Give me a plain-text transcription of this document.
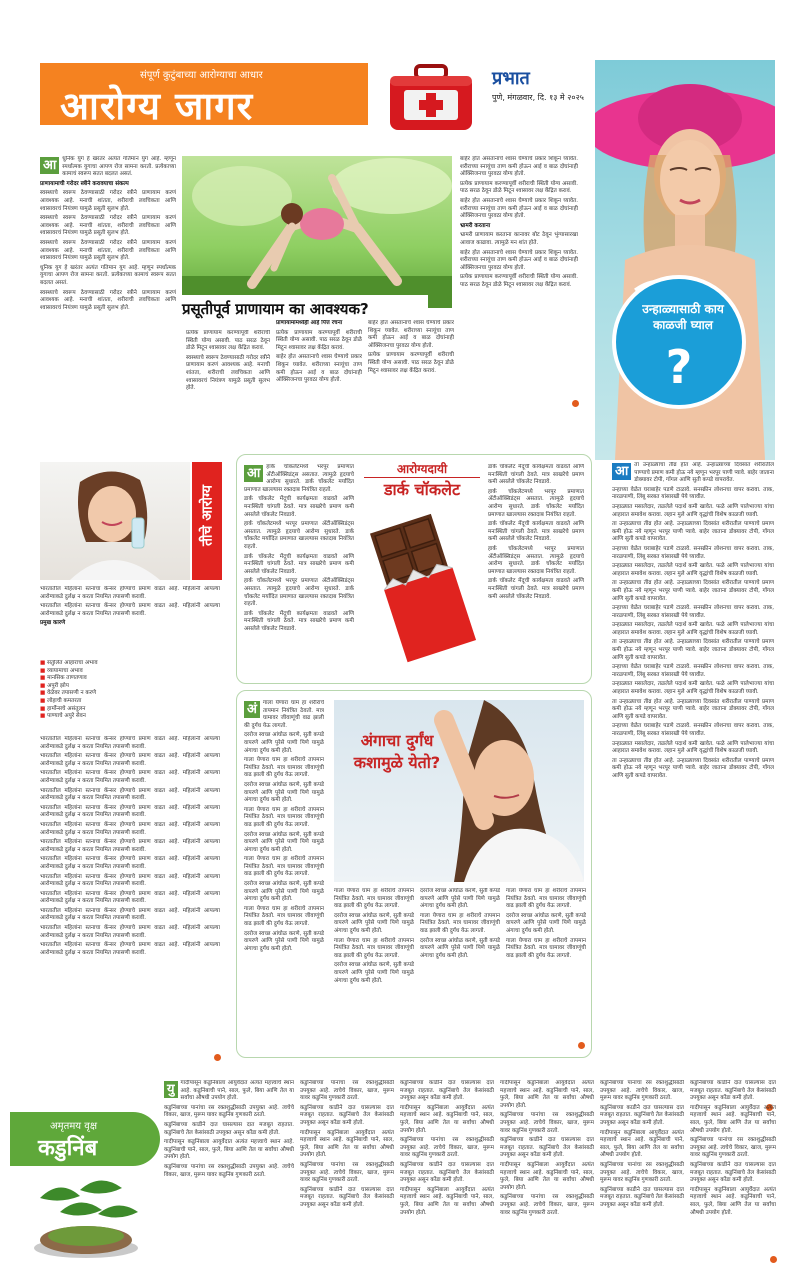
संपूर्ण कुटुंबाच्या आरोग्याचा आधार
आरोग्य जागर
प्रभात
पुणे, मंगळवार, दि. १३ मे २०२५
उन्हाळ्यासाठी काय काळजी घ्याल
?
आ	धुनिक युग हे खरंतर अत्यंत गतिमान युग आहे. म्हणून स्पर्धात्मक युगाचा आपण रोज सामना करतो. प्रत्येकाच्या कामाचं स्वरूप सतत बदलत असतं.

प्राणायामाची गरोदर स्त्रीने करावयाचा संकल्प

स्वस्थ्याचे स्वरूप ठेवण्यासाठी गरोदर स्त्रीने प्राणायाम करणं आवश्यक आहे. मनाची शांतता, शरीराची लवचिकता आणि श्वासावरचं नियंत्रण यामुळे प्रसूती सुलभ होते.

स्वस्थ्याचे स्वरूप ठेवण्यासाठी गरोदर स्त्रीने प्राणायाम करणं आवश्यक आहे. मनाची शांतता, शरीराची लवचिकता आणि श्वासावरचं नियंत्रण यामुळे प्रसूती सुलभ होते.

स्वस्थ्याचे स्वरूप ठेवण्यासाठी गरोदर स्त्रीने प्राणायाम करणं आवश्यक आहे. मनाची शांतता, शरीराची लवचिकता आणि श्वासावरचं नियंत्रण यामुळे प्रसूती सुलभ होते.

धुनिक युग हे खरंतर अत्यंत गतिमान युग आहे. म्हणून स्पर्धात्मक युगाचा आपण रोज सामना करतो. प्रत्येकाच्या कामाचं स्वरूप सतत बदलत असतं.

स्वस्थ्याचे स्वरूप ठेवण्यासाठी गरोदर स्त्रीने प्राणायाम करणं आवश्यक आहे. मनाची शांतता, शरीराची लवचिकता आणि श्वासावरचं नियंत्रण यामुळे प्रसूती सुलभ होते.	प्रसूतीपूर्व प्राणायाम का आवश्यक?

प्रत्येक प्राणायाम करण्यापूर्वी शरीराची स्थिती योग्य असावी. पाठ सरळ ठेवून डोळे मिटून श्वासावर लक्ष केंद्रित करावं.

स्वस्थ्याचे स्वरूप ठेवण्यासाठी गरोदर स्त्रीने प्राणायाम करणं आवश्यक आहे. मनाची शांतता, शरीराची लवचिकता आणि श्वासावरचं नियंत्रण यामुळे प्रसूती सुलभ होते.

प्राणायामांमध्येही आहे पित्त रचना

प्रत्येक प्राणायाम करण्यापूर्वी शरीराची स्थिती योग्य असावी. पाठ सरळ ठेवून डोळे मिटून श्वासावर लक्ष केंद्रित करावं.

बाहेर होत असतानाचे श्वास घेण्याचे प्रकार शिकून घ्यावेत. शरीराच्या स्नायूंचा ताण कमी होऊन आई व बाळ दोघांनाही ऑक्सिजनचा पुरवठा योग्य होतो.

बाहेर होत असतानाचे श्वास घेण्याचे प्रकार शिकून घ्यावेत. शरीराच्या स्नायूंचा ताण कमी होऊन आई व बाळ दोघांनाही ऑक्सिजनचा पुरवठा योग्य होतो.

प्रत्येक प्राणायाम करण्यापूर्वी शरीराची स्थिती योग्य असावी. पाठ सरळ ठेवून डोळे मिटून श्वासावर लक्ष केंद्रित करावं.

बाहेर होत असतानाचे श्वास घेण्याचे प्रकार शिकून घ्यावेत. शरीराच्या स्नायूंचा ताण कमी होऊन आई व बाळ दोघांनाही ऑक्सिजनचा पुरवठा योग्य होतो.

प्रत्येक प्राणायाम करण्यापूर्वी शरीराची स्थिती योग्य असावी. पाठ सरळ ठेवून डोळे मिटून श्वासावर लक्ष केंद्रित करावं.

बाहेर होत असतानाचे श्वास घेण्याचे प्रकार शिकून घ्यावेत. शरीराच्या स्नायूंचा ताण कमी होऊन आई व बाळ दोघांनाही ऑक्सिजनचा पुरवठा योग्य होतो.

भ्रामरी करताना

भ्रामरी प्राणायाम करताना कानावर बोट ठेवून भुंग्यासारखा आवाज काढावा. त्यामुळे मन शांत होते.

बाहेर होत असतानाचे श्वास घेण्याचे प्रकार शिकून घ्यावेत. शरीराच्या स्नायूंचा ताण कमी होऊन आई व बाळ दोघांनाही ऑक्सिजनचा पुरवठा योग्य होतो.

प्रत्येक प्राणायाम करण्यापूर्वी शरीराची स्थिती योग्य असावी. पाठ सरळ ठेवून डोळे मिटून श्वासावर लक्ष केंद्रित करावं.

आ	ता उन्हाळ्याचा तीव्र होत आहे. उन्हाळ्याच्या दिवसांत शरीरातील पाण्याचे प्रमाण कमी होऊ नये म्हणून भरपूर पाणी प्यावे. बाहेर जाताना डोक्यावर टोपी, गॉगल आणि सुती कपडे वापरावेत.

उन्हाच्या वेळेत घराबाहेर पडणे टाळावे. सनस्क्रीन लोशनचा वापर करावा. ताक, नारळपाणी, लिंबू सरबत यांसारखी पेये घ्यावीत.

उन्हाळ्यात मसालेदार, तळलेले पदार्थ कमी खावेत. फळे आणि पालेभाज्या यांचा आहारात समावेश करावा. लहान मुले आणि वृद्धांची विशेष काळजी घ्यावी.

ता उन्हाळ्याचा तीव्र होत आहे. उन्हाळ्याच्या दिवसांत शरीरातील पाण्याचे प्रमाण कमी होऊ नये म्हणून भरपूर पाणी प्यावे. बाहेर जाताना डोक्यावर टोपी, गॉगल आणि सुती कपडे वापरावेत.

उन्हाच्या वेळेत घराबाहेर पडणे टाळावे. सनस्क्रीन लोशनचा वापर करावा. ताक, नारळपाणी, लिंबू सरबत यांसारखी पेये घ्यावीत.

उन्हाळ्यात मसालेदार, तळलेले पदार्थ कमी खावेत. फळे आणि पालेभाज्या यांचा आहारात समावेश करावा. लहान मुले आणि वृद्धांची विशेष काळजी घ्यावी.

ता उन्हाळ्याचा तीव्र होत आहे. उन्हाळ्याच्या दिवसांत शरीरातील पाण्याचे प्रमाण कमी होऊ नये म्हणून भरपूर पाणी प्यावे. बाहेर जाताना डोक्यावर टोपी, गॉगल आणि सुती कपडे वापरावेत.

उन्हाच्या वेळेत घराबाहेर पडणे टाळावे. सनस्क्रीन लोशनचा वापर करावा. ताक, नारळपाणी, लिंबू सरबत यांसारखी पेये घ्यावीत.

उन्हाळ्यात मसालेदार, तळलेले पदार्थ कमी खावेत. फळे आणि पालेभाज्या यांचा आहारात समावेश करावा. लहान मुले आणि वृद्धांची विशेष काळजी घ्यावी.

ता उन्हाळ्याचा तीव्र होत आहे. उन्हाळ्याच्या दिवसांत शरीरातील पाण्याचे प्रमाण कमी होऊ नये म्हणून भरपूर पाणी प्यावे. बाहेर जाताना डोक्यावर टोपी, गॉगल आणि सुती कपडे वापरावेत.

उन्हाच्या वेळेत घराबाहेर पडणे टाळावे. सनस्क्रीन लोशनचा वापर करावा. ताक, नारळपाणी, लिंबू सरबत यांसारखी पेये घ्यावीत.

उन्हाळ्यात मसालेदार, तळलेले पदार्थ कमी खावेत. फळे आणि पालेभाज्या यांचा आहारात समावेश करावा. लहान मुले आणि वृद्धांची विशेष काळजी घ्यावी.

ता उन्हाळ्याचा तीव्र होत आहे. उन्हाळ्याच्या दिवसांत शरीरातील पाण्याचे प्रमाण कमी होऊ नये म्हणून भरपूर पाणी प्यावे. बाहेर जाताना डोक्यावर टोपी, गॉगल आणि सुती कपडे वापरावेत.

उन्हाच्या वेळेत घराबाहेर पडणे टाळावे. सनस्क्रीन लोशनचा वापर करावा. ताक, नारळपाणी, लिंबू सरबत यांसारखी पेये घ्यावीत.

उन्हाळ्यात मसालेदार, तळलेले पदार्थ कमी खावेत. फळे आणि पालेभाज्या यांचा आहारात समावेश करावा. लहान मुले आणि वृद्धांची विशेष काळजी घ्यावी.

ता उन्हाळ्याचा तीव्र होत आहे. उन्हाळ्याच्या दिवसांत शरीरातील पाण्याचे प्रमाण कमी होऊ नये म्हणून भरपूर पाणी प्यावे. बाहेर जाताना डोक्यावर टोपी, गॉगल आणि सुती कपडे वापरावेत.

तीचे आरोग्य

भारतातील महिलांना स्तनाचा कॅन्सर होण्याचे प्रमाण वाढत आहे. महिलांनी आपल्या आरोग्याकडे दुर्लक्ष न करता नियमित तपासणी करावी.

भारतातील महिलांना स्तनाचा कॅन्सर होण्याचे प्रमाण वाढत आहे. महिलांनी आपल्या आरोग्याकडे दुर्लक्ष न करता नियमित तपासणी करावी.

प्रमुख कारणे

■ संतुलित आहाराचा अभाव
■ व्यायामाचा अभाव
■ मानसिक ताणतणाव
■ अपुरी झोप
■ वेळेवर तपासणी न करणे
■ लोहाची कमतरता
■ हार्मोन्सचे असंतुलन
■ पाण्याचे अपुरे सेवन

भारतातील महिलांना स्तनाचा कॅन्सर होण्याचे प्रमाण वाढत आहे. महिलांनी आपल्या आरोग्याकडे दुर्लक्ष न करता नियमित तपासणी करावी.

भारतातील महिलांना स्तनाचा कॅन्सर होण्याचे प्रमाण वाढत आहे. महिलांनी आपल्या आरोग्याकडे दुर्लक्ष न करता नियमित तपासणी करावी.

भारतातील महिलांना स्तनाचा कॅन्सर होण्याचे प्रमाण वाढत आहे. महिलांनी आपल्या आरोग्याकडे दुर्लक्ष न करता नियमित तपासणी करावी.

भारतातील महिलांना स्तनाचा कॅन्सर होण्याचे प्रमाण वाढत आहे. महिलांनी आपल्या आरोग्याकडे दुर्लक्ष न करता नियमित तपासणी करावी.

भारतातील महिलांना स्तनाचा कॅन्सर होण्याचे प्रमाण वाढत आहे. महिलांनी आपल्या आरोग्याकडे दुर्लक्ष न करता नियमित तपासणी करावी.

भारतातील महिलांना स्तनाचा कॅन्सर होण्याचे प्रमाण वाढत आहे. महिलांनी आपल्या आरोग्याकडे दुर्लक्ष न करता नियमित तपासणी करावी.

भारतातील महिलांना स्तनाचा कॅन्सर होण्याचे प्रमाण वाढत आहे. महिलांनी आपल्या आरोग्याकडे दुर्लक्ष न करता नियमित तपासणी करावी.

भारतातील महिलांना स्तनाचा कॅन्सर होण्याचे प्रमाण वाढत आहे. महिलांनी आपल्या आरोग्याकडे दुर्लक्ष न करता नियमित तपासणी करावी.

भारतातील महिलांना स्तनाचा कॅन्सर होण्याचे प्रमाण वाढत आहे. महिलांनी आपल्या आरोग्याकडे दुर्लक्ष न करता नियमित तपासणी करावी.

भारतातील महिलांना स्तनाचा कॅन्सर होण्याचे प्रमाण वाढत आहे. महिलांनी आपल्या आरोग्याकडे दुर्लक्ष न करता नियमित तपासणी करावी.

भारतातील महिलांना स्तनाचा कॅन्सर होण्याचे प्रमाण वाढत आहे. महिलांनी आपल्या आरोग्याकडे दुर्लक्ष न करता नियमित तपासणी करावी.

भारतातील महिलांना स्तनाचा कॅन्सर होण्याचे प्रमाण वाढत आहे. महिलांनी आपल्या आरोग्याकडे दुर्लक्ष न करता नियमित तपासणी करावी.

भारतातील महिलांना स्तनाचा कॅन्सर होण्याचे प्रमाण वाढत आहे. महिलांनी आपल्या आरोग्याकडे दुर्लक्ष न करता नियमित तपासणी करावी.

आ	हार्क चॉकलेटमध्ये भरपूर प्रमाणात अँटीऑक्सिडंट्स असतात. त्यामुळे हृदयाचे आरोग्य सुधारते. डार्क चॉकलेट मर्यादित प्रमाणात खाल्ल्यास रक्तदाब नियंत्रित राहतो.

डार्क चॉकलेट मेंदूची कार्यक्षमता वाढवते आणि मनःस्थिती चांगली ठेवते. मात्र साखरेचे प्रमाण कमी असलेले चॉकलेट निवडावे.

हार्क चॉकलेटमध्ये भरपूर प्रमाणात अँटीऑक्सिडंट्स असतात. त्यामुळे हृदयाचे आरोग्य सुधारते. डार्क चॉकलेट मर्यादित प्रमाणात खाल्ल्यास रक्तदाब नियंत्रित राहतो.

डार्क चॉकलेट मेंदूची कार्यक्षमता वाढवते आणि मनःस्थिती चांगली ठेवते. मात्र साखरेचे प्रमाण कमी असलेले चॉकलेट निवडावे.

हार्क चॉकलेटमध्ये भरपूर प्रमाणात अँटीऑक्सिडंट्स असतात. त्यामुळे हृदयाचे आरोग्य सुधारते. डार्क चॉकलेट मर्यादित प्रमाणात खाल्ल्यास रक्तदाब नियंत्रित राहतो.

डार्क चॉकलेट मेंदूची कार्यक्षमता वाढवते आणि मनःस्थिती चांगली ठेवते. मात्र साखरेचे प्रमाण कमी असलेले चॉकलेट निवडावे.

आरोग्यदायी
डार्क चॉकलेट

डार्क चॉकलेट मेंदूची कार्यक्षमता वाढवते आणि मनःस्थिती चांगली ठेवते. मात्र साखरेचे प्रमाण कमी असलेले चॉकलेट निवडावे.

हार्क चॉकलेटमध्ये भरपूर प्रमाणात अँटीऑक्सिडंट्स असतात. त्यामुळे हृदयाचे आरोग्य सुधारते. डार्क चॉकलेट मर्यादित प्रमाणात खाल्ल्यास रक्तदाब नियंत्रित राहतो.

डार्क चॉकलेट मेंदूची कार्यक्षमता वाढवते आणि मनःस्थिती चांगली ठेवते. मात्र साखरेचे प्रमाण कमी असलेले चॉकलेट निवडावे.

हार्क चॉकलेटमध्ये भरपूर प्रमाणात अँटीऑक्सिडंट्स असतात. त्यामुळे हृदयाचे आरोग्य सुधारते. डार्क चॉकलेट मर्यादित प्रमाणात खाल्ल्यास रक्तदाब नियंत्रित राहतो.

डार्क चॉकलेट मेंदूची कार्यक्षमता वाढवते आणि मनःस्थिती चांगली ठेवते. मात्र साखरेचे प्रमाण कमी असलेले चॉकलेट निवडावे.

अं	गाला येणारा घाम हा शरीराचे तापमान नियंत्रित ठेवतो. मात्र घामावर जीवाणूंची वाढ झाली की दुर्गंध येऊ लागतो.

दररोज स्वच्छ आंघोळ करणे, सुती कपडे वापरणे आणि पुरेसे पाणी पिणे यामुळे अंगाचा दुर्गंध कमी होतो.

गाला येणारा घाम हा शरीराचे तापमान नियंत्रित ठेवतो. मात्र घामावर जीवाणूंची वाढ झाली की दुर्गंध येऊ लागतो.

दररोज स्वच्छ आंघोळ करणे, सुती कपडे वापरणे आणि पुरेसे पाणी पिणे यामुळे अंगाचा दुर्गंध कमी होतो.

गाला येणारा घाम हा शरीराचे तापमान नियंत्रित ठेवतो. मात्र घामावर जीवाणूंची वाढ झाली की दुर्गंध येऊ लागतो.

दररोज स्वच्छ आंघोळ करणे, सुती कपडे वापरणे आणि पुरेसे पाणी पिणे यामुळे अंगाचा दुर्गंध कमी होतो.

गाला येणारा घाम हा शरीराचे तापमान नियंत्रित ठेवतो. मात्र घामावर जीवाणूंची वाढ झाली की दुर्गंध येऊ लागतो.

दररोज स्वच्छ आंघोळ करणे, सुती कपडे वापरणे आणि पुरेसे पाणी पिणे यामुळे अंगाचा दुर्गंध कमी होतो.

गाला येणारा घाम हा शरीराचे तापमान नियंत्रित ठेवतो. मात्र घामावर जीवाणूंची वाढ झाली की दुर्गंध येऊ लागतो.

दररोज स्वच्छ आंघोळ करणे, सुती कपडे वापरणे आणि पुरेसे पाणी पिणे यामुळे अंगाचा दुर्गंध कमी होतो.

अंगाचा दुर्गंध कशामुळे येतो?

गाला येणारा घाम हा शरीराचे तापमान नियंत्रित ठेवतो. मात्र घामावर जीवाणूंची वाढ झाली की दुर्गंध येऊ लागतो.

दररोज स्वच्छ आंघोळ करणे, सुती कपडे वापरणे आणि पुरेसे पाणी पिणे यामुळे अंगाचा दुर्गंध कमी होतो.

गाला येणारा घाम हा शरीराचे तापमान नियंत्रित ठेवतो. मात्र घामावर जीवाणूंची वाढ झाली की दुर्गंध येऊ लागतो.

दररोज स्वच्छ आंघोळ करणे, सुती कपडे वापरणे आणि पुरेसे पाणी पिणे यामुळे अंगाचा दुर्गंध कमी होतो.

दररोज स्वच्छ आंघोळ करणे, सुती कपडे वापरणे आणि पुरेसे पाणी पिणे यामुळे अंगाचा दुर्गंध कमी होतो.

गाला येणारा घाम हा शरीराचे तापमान नियंत्रित ठेवतो. मात्र घामावर जीवाणूंची वाढ झाली की दुर्गंध येऊ लागतो.

दररोज स्वच्छ आंघोळ करणे, सुती कपडे वापरणे आणि पुरेसे पाणी पिणे यामुळे अंगाचा दुर्गंध कमी होतो.

गाला येणारा घाम हा शरीराचे तापमान नियंत्रित ठेवतो. मात्र घामावर जीवाणूंची वाढ झाली की दुर्गंध येऊ लागतो.

दररोज स्वच्छ आंघोळ करणे, सुती कपडे वापरणे आणि पुरेसे पाणी पिणे यामुळे अंगाचा दुर्गंध कमी होतो.

गाला येणारा घाम हा शरीराचे तापमान नियंत्रित ठेवतो. मात्र घामावर जीवाणूंची वाढ झाली की दुर्गंध येऊ लागतो.

अमृतमय वृक्ष
कडुनिंब
यु	गादीपासून कडुनिंबाला आयुर्वेदात अत्यंत महत्त्वाचे स्थान आहे. कडुनिंबाची पाने, साल, फुले, बिया आणि तेल या सर्वांचा औषधी उपयोग होतो.

कडुनिंबाच्या पानांचा रस रक्तशुद्धीसाठी उपयुक्त आहे. त्वचेचे विकार, खाज, मुरूम यावर कडुनिंब गुणकारी ठरतो.

कडुनिंबाच्या काडीने दात घासल्यास दात मजबूत राहतात. कडुनिंबाचे तेल केसांसाठी उपयुक्त असून कोंडा कमी होतो.

गादीपासून कडुनिंबाला आयुर्वेदात अत्यंत महत्त्वाचे स्थान आहे. कडुनिंबाची पाने, साल, फुले, बिया आणि तेल या सर्वांचा औषधी उपयोग होतो.

कडुनिंबाच्या पानांचा रस रक्तशुद्धीसाठी उपयुक्त आहे. त्वचेचे विकार, खाज, मुरूम यावर कडुनिंब गुणकारी ठरतो.

कडुनिंबाच्या पानांचा रस रक्तशुद्धीसाठी उपयुक्त आहे. त्वचेचे विकार, खाज, मुरूम यावर कडुनिंब गुणकारी ठरतो.

कडुनिंबाच्या काडीने दात घासल्यास दात मजबूत राहतात. कडुनिंबाचे तेल केसांसाठी उपयुक्त असून कोंडा कमी होतो.

गादीपासून कडुनिंबाला आयुर्वेदात अत्यंत महत्त्वाचे स्थान आहे. कडुनिंबाची पाने, साल, फुले, बिया आणि तेल या सर्वांचा औषधी उपयोग होतो.

कडुनिंबाच्या पानांचा रस रक्तशुद्धीसाठी उपयुक्त आहे. त्वचेचे विकार, खाज, मुरूम यावर कडुनिंब गुणकारी ठरतो.

कडुनिंबाच्या काडीने दात घासल्यास दात मजबूत राहतात. कडुनिंबाचे तेल केसांसाठी उपयुक्त असून कोंडा कमी होतो.

कडुनिंबाच्या काडीने दात घासल्यास दात मजबूत राहतात. कडुनिंबाचे तेल केसांसाठी उपयुक्त असून कोंडा कमी होतो.

गादीपासून कडुनिंबाला आयुर्वेदात अत्यंत महत्त्वाचे स्थान आहे. कडुनिंबाची पाने, साल, फुले, बिया आणि तेल या सर्वांचा औषधी उपयोग होतो.

कडुनिंबाच्या पानांचा रस रक्तशुद्धीसाठी उपयुक्त आहे. त्वचेचे विकार, खाज, मुरूम यावर कडुनिंब गुणकारी ठरतो.

कडुनिंबाच्या काडीने दात घासल्यास दात मजबूत राहतात. कडुनिंबाचे तेल केसांसाठी उपयुक्त असून कोंडा कमी होतो.

गादीपासून कडुनिंबाला आयुर्वेदात अत्यंत महत्त्वाचे स्थान आहे. कडुनिंबाची पाने, साल, फुले, बिया आणि तेल या सर्वांचा औषधी उपयोग होतो.

गादीपासून कडुनिंबाला आयुर्वेदात अत्यंत महत्त्वाचे स्थान आहे. कडुनिंबाची पाने, साल, फुले, बिया आणि तेल या सर्वांचा औषधी उपयोग होतो.

कडुनिंबाच्या पानांचा रस रक्तशुद्धीसाठी उपयुक्त आहे. त्वचेचे विकार, खाज, मुरूम यावर कडुनिंब गुणकारी ठरतो.

कडुनिंबाच्या काडीने दात घासल्यास दात मजबूत राहतात. कडुनिंबाचे तेल केसांसाठी उपयुक्त असून कोंडा कमी होतो.

गादीपासून कडुनिंबाला आयुर्वेदात अत्यंत महत्त्वाचे स्थान आहे. कडुनिंबाची पाने, साल, फुले, बिया आणि तेल या सर्वांचा औषधी उपयोग होतो.

कडुनिंबाच्या पानांचा रस रक्तशुद्धीसाठी उपयुक्त आहे. त्वचेचे विकार, खाज, मुरूम यावर कडुनिंब गुणकारी ठरतो.

कडुनिंबाच्या पानांचा रस रक्तशुद्धीसाठी उपयुक्त आहे. त्वचेचे विकार, खाज, मुरूम यावर कडुनिंब गुणकारी ठरतो.

कडुनिंबाच्या काडीने दात घासल्यास दात मजबूत राहतात. कडुनिंबाचे तेल केसांसाठी उपयुक्त असून कोंडा कमी होतो.

गादीपासून कडुनिंबाला आयुर्वेदात अत्यंत महत्त्वाचे स्थान आहे. कडुनिंबाची पाने, साल, फुले, बिया आणि तेल या सर्वांचा औषधी उपयोग होतो.

कडुनिंबाच्या पानांचा रस रक्तशुद्धीसाठी उपयुक्त आहे. त्वचेचे विकार, खाज, मुरूम यावर कडुनिंब गुणकारी ठरतो.

कडुनिंबाच्या काडीने दात घासल्यास दात मजबूत राहतात. कडुनिंबाचे तेल केसांसाठी उपयुक्त असून कोंडा कमी होतो.

कडुनिंबाच्या काडीने दात घासल्यास दात मजबूत राहतात. कडुनिंबाचे तेल केसांसाठी उपयुक्त असून कोंडा कमी होतो.

गादीपासून कडुनिंबाला आयुर्वेदात अत्यंत महत्त्वाचे स्थान आहे. कडुनिंबाची पाने, साल, फुले, बिया आणि तेल या सर्वांचा औषधी उपयोग होतो.

कडुनिंबाच्या पानांचा रस रक्तशुद्धीसाठी उपयुक्त आहे. त्वचेचे विकार, खाज, मुरूम यावर कडुनिंब गुणकारी ठरतो.

कडुनिंबाच्या काडीने दात घासल्यास दात मजबूत राहतात. कडुनिंबाचे तेल केसांसाठी उपयुक्त असून कोंडा कमी होतो.

गादीपासून कडुनिंबाला आयुर्वेदात अत्यंत महत्त्वाचे स्थान आहे. कडुनिंबाची पाने, साल, फुले, बिया आणि तेल या सर्वांचा औषधी उपयोग होतो.
